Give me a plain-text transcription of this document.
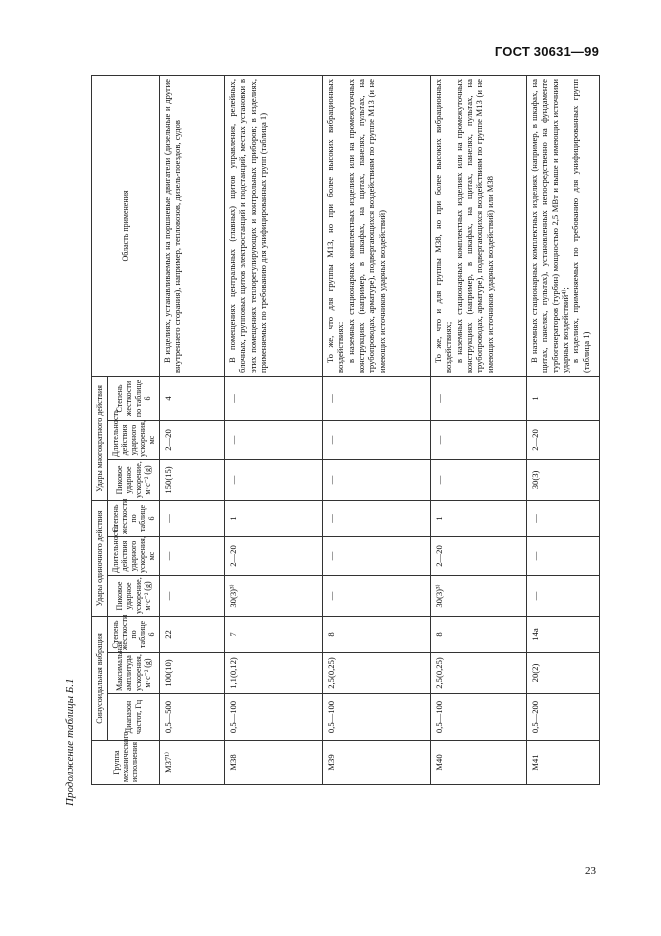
ГОСТ 30631—99
Продолжение таблицы Б.1	Группа механического исполнения	Синусоидальная вибрация			Удары одиночного действия			Удары многократного действия			Область применения
	Диапазон частот, Гц	Максимальная амплитуда ускорения, м·с⁻² (g)	Степень жесткости по таблице 6	Пиковое ударное ускорение, м·с⁻² (g)	Длительность действия ударного ускорения, мс	Степень жесткости по таблице 6	Пиковое ударное ускорение, м·с⁻² (g)	Длительность действия ударного ускорения, мс	Степень жесткости по таблице 6	
М37¹⁾	0,5—500	100(10)	22	—	—	—	150(15)	2—20	4	В изделиях, устанавливаемых на поршневые двигатели (дизельные и другие внутреннего сгорания), например, тепловозов, дизель-поездов, судов

М38	0,5—100	1,1(0,12)	7	30(3)³⁾	2—20	1	—	—	—	В помещениях центральных (главных) щитов управления, релейных, блочных, групповых щитов электростанций и подстанций, местах установки в этих помещениях теплорегулирующих и контрольных приборов; в изделиях, применяемых по требованию для унифицированных групп (таблица 1)

М39	0,5—100	2,5(0,25)	8	—	—	—	—	—	—	То же, что для группы М13, но при более высоких вибрационных воздействиях: в наземных стационарных комплектных изделиях или на промежуточных конструкциях (например, в шкафах, на щитах, панелях, пультах, на трубопроводах, арматуре), подвергающихся воздействиям по группе М13 (и не имеющих источников ударных воздействий)

М40	0,5—100	2,5(0,25)	8	30(3)³⁾	2—20	1	—	—	—	То же, что и для группы М38, но при более высоких вибрационных воздействиях; в наземных стационарных комплектных изделиях или на промежуточных конструкциях (например, в шкафах, на щитах, панелях, пультах, на трубопроводах, арматуре), подвергающихся воздействиям по группе М13 (и не имеющих источников ударных воздействий) или М38

М41	0,5—200	20(2)	14а	—	—	—	30(3)	2—20	1	В наземных стационарных комплектных изделиях (например, в шкафах, на щитах, панелях, пультах), установленных непосредственно на фундаменте турбогенераторов (турбин) мощностью 2,5 МВт и выше и имеющих источники ударных воздействий⁴⁾; в изделиях, применяемых по требованию для унифицированных групп (таблица 1)

23
